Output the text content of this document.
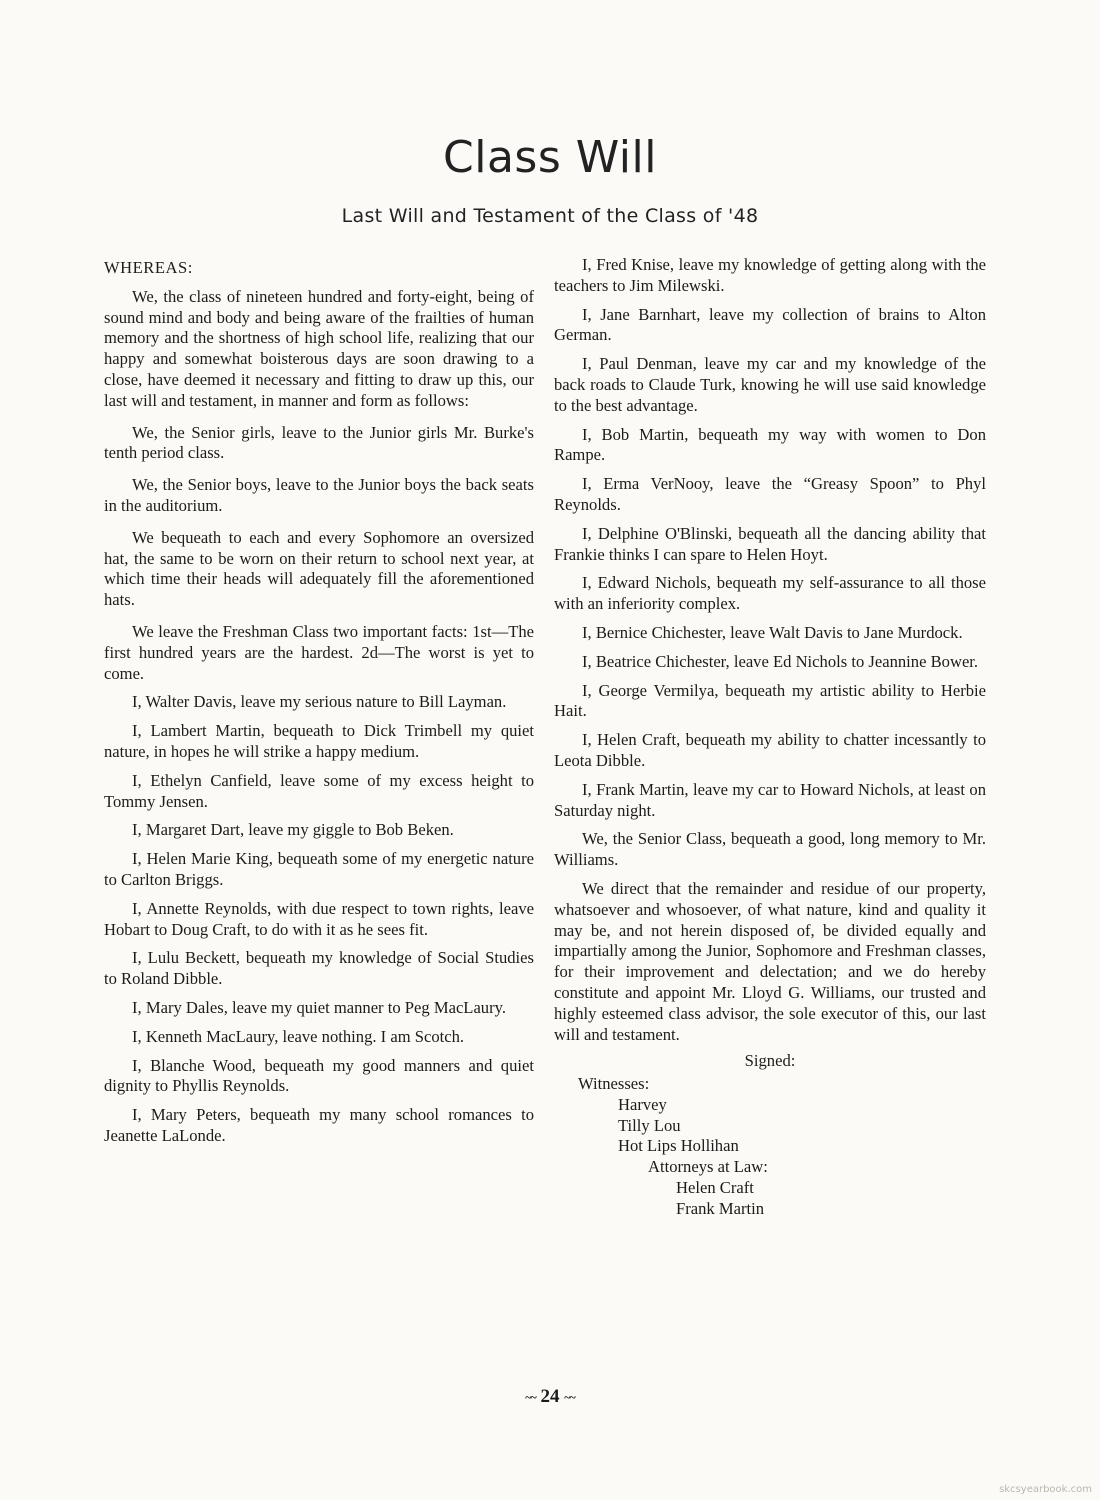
Class Will
Last Will and Testament of the Class of '48

WHEREAS:

We, the class of nineteen hundred and forty-eight, being of sound mind and body and being aware of the frailties of human memory and the shortness of high school life, realizing that our happy and somewhat boisterous days are soon drawing to a close, have deemed it necessary and fitting to draw up this, our last will and testament, in manner and form as follows:

We, the Senior girls, leave to the Junior girls Mr. Burke's tenth period class.

We, the Senior boys, leave to the Junior boys the back seats in the auditorium.

We bequeath to each and every Sophomore an oversized hat, the same to be worn on their return to school next year, at which time their heads will adequately fill the aforementioned hats.

We leave the Freshman Class two important facts: 1st—The first hundred years are the hardest. 2d—The worst is yet to come.

I, Walter Davis, leave my serious nature to Bill Layman.

I, Lambert Martin, bequeath to Dick Trimbell my quiet nature, in hopes he will strike a happy medium.

I, Ethelyn Canfield, leave some of my excess height to Tommy Jensen.

I, Margaret Dart, leave my giggle to Bob Beken.

I, Helen Marie King, bequeath some of my energetic nature to Carlton Briggs.

I, Annette Reynolds, with due respect to town rights, leave Hobart to Doug Craft, to do with it as he sees fit.

I, Lulu Beckett, bequeath my knowledge of Social Studies to Roland Dibble.

I, Mary Dales, leave my quiet manner to Peg MacLaury.

I, Kenneth MacLaury, leave nothing. I am Scotch.

I, Blanche Wood, bequeath my good manners and quiet dignity to Phyllis Reynolds.

I, Mary Peters, bequeath my many school romances to Jeanette LaLonde.

I, Fred Knise, leave my knowledge of getting along with the teachers to Jim Milewski.

I, Jane Barnhart, leave my collection of brains to Alton German.

I, Paul Denman, leave my car and my knowledge of the back roads to Claude Turk, knowing he will use said knowledge to the best advantage.

I, Bob Martin, bequeath my way with women to Don Rampe.

I, Erma VerNooy, leave the “Greasy Spoon” to Phyl Reynolds.

I, Delphine O'Blinski, bequeath all the dancing ability that Frankie thinks I can spare to Helen Hoyt.

I, Edward Nichols, bequeath my self-assurance to all those with an inferiority complex.

I, Bernice Chichester, leave Walt Davis to Jane Murdock.

I, Beatrice Chichester, leave Ed Nichols to Jeannine Bower.

I, George Vermilya, bequeath my artistic ability to Herbie Hait.

I, Helen Craft, bequeath my ability to chatter incessantly to Leota Dibble.

I, Frank Martin, leave my car to Howard Nichols, at least on Saturday night.

We, the Senior Class, bequeath a good, long memory to Mr. Williams.

We direct that the remainder and residue of our property, whatsoever and whosoever, of what nature, kind and quality it may be, and not herein disposed of, be divided equally and impartially among the Junior, Sophomore and Freshman classes, for their improvement and delectation; and we do hereby constitute and appoint Mr. Lloyd G. Williams, our trusted and highly esteemed class advisor, the sole executor of this, our last will and testament.

Signed:
Witnesses:
Harvey
Tilly Lou
Hot Lips Hollihan
Attorneys at Law:
Helen Craft
Frank Martin
~~ 24 ~~
skcsyearbook.com
